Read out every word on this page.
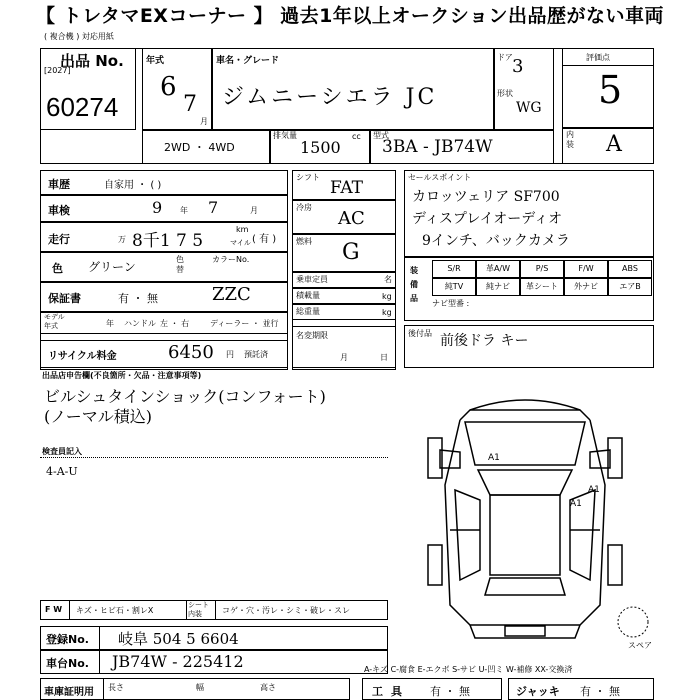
【 トレタマEXコーナー 】 過去1年以上オークション出品歴がない車両
( 複合機 ) 対応用紙
出品 No.
[2027]
60274
年式
6
7
月
車名・グレード
ジムニーシエラ JC
ドア 3
形状
WG
2WD ・ 4WD
排気量
1500
cc 型式
3BA - JB74W
評価点
5
内装 A
車歴	自家用 ・ ( )
車検	9 年 7	月
走行	万 8千1 7 5
km
マイル ( 有 )
色 グリーン
色替
カラーNo.
保証書	有 ・ 無	ZZC
モデル年式	年 ハンドル 左 ・ 右	ディーラー ・ 並行
リサイクル料金	6450 円 預託済
シフト
FAT
冷房
AC
燃料 G
乗車定員	名
積載量	kg
総重量	kg
名変期限
月	日
セールスポイント
カロッツェリア SF700
ディスプレイオーディオ
9インチ、バックカメラ
装備品
S/R	革A/W	P/S	F/W	ABS
純TV	純ナビ	革シート	外ナビ	エアB
ナビ型番 :
後付品 前後ドラ キー
出品店申告欄(不良箇所・欠品・注意事項等)
ビルシュタインショック(コンフォート)
(ノーマル積込)
検査員記入
4-A-U
A1
A1
A1
スペア
F W キズ・ヒビ石・割レX
シート内装	コゲ・穴・汚レ・シミ・破レ・スレ
登録No. 岐阜 504 5 6604
車台No. JB74W - 225412	A-キズ C-腐食 E-エクボ S-サビ U-凹ミ W-補修 XX-交換済
車庫証明用 長さ	幅	高さ	工具 有 ・ 無	ジャッキ 有 ・ 無
